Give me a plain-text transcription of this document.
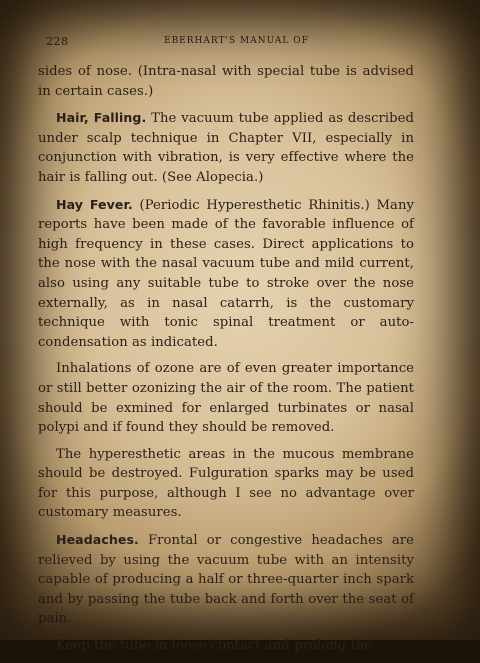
228	EBERHART'S MANUAL OF

sides of nose. (Intra-nasal with special tube is advised in certain cases.)

Hair, Falling. The vacuum tube applied as described under scalp technique in Chapter VII, especially in conjunction with vibration, is very effective where the hair is falling out. (See Alopecia.)

Hay Fever. (Periodic Hyperesthetic Rhinitis.) Many reports have been made of the favorable influence of high frequency in these cases. Direct applications to the nose with the nasal vacuum tube and mild current, also using any suitable tube to stroke over the nose externally, as in nasal catarrh, is the customary technique with tonic spinal treatment or auto-condensation as indicated.

Inhalations of ozone are of even greater importance or still better ozonizing the air of the room. The patient should be exmined for enlarged turbinates or nasal polypi and if found they should be removed.

The hyperesthetic areas in the mucous membrane should be destroyed. Fulguration sparks may be used for this purpose, although I see no advantage over customary measures.

Headaches. Frontal or congestive headaches are relieved by using the vacuum tube with an intensity capable of producing a half or three-quarter inch spark and by passing the tube back and forth over the seat of pain.

Keep the tube in loose contact and prolong the
